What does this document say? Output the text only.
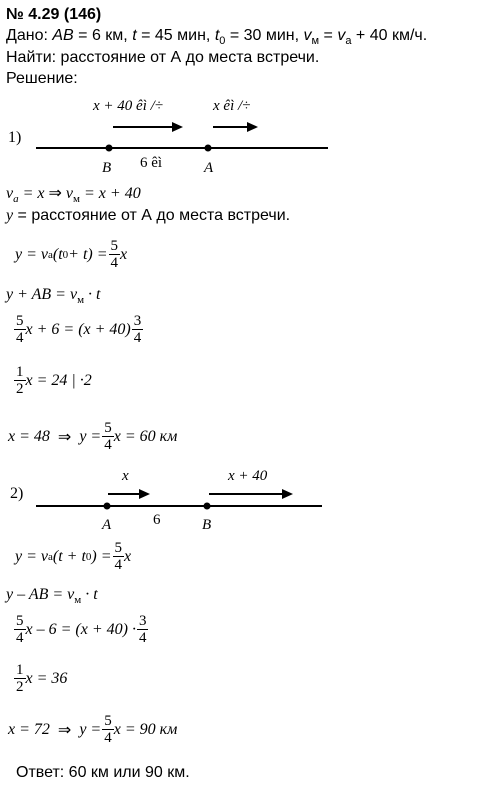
№ 4.29 (146)
Дано: AB = 6 км, t = 45 мин, $t_0 = 30$ мин, $v_м = v_а + 40$ км/ч.
Найти: расстояние от А до места встречи.
Решение:
1)
x + 40 êì /÷	x êì /÷
B 6 êì	A
$v_a = x$ ⇒ $v_м = x + 40$
y = расстояние от А до места встречи.
y = v а (t $0 + t) = \frac{5}{4}$ x
y + AB = $v_м \cdot t$
$\frac{5}{4}$ $x + 6 = (x + 40) \frac{3}{4}$
$\frac{1}{2}$ x = 24 | ·2
x = 48 ⇒ $y = \frac{5}{4}$ x = 60 км
2)
x	x + 40
A	6	B
y = v а (t + t 0 ) = $\frac{5}{4}$ x
y – AB = $v_м \cdot t$
$\frac{5}{4}$ $x - 6 = (x + 40) \cdot \frac{3}{4}$
$\frac{1}{2}$ x = 36
x = 72 ⇒ $y = \frac{5}{4}$ x = 90 км
Ответ: 60 км или 90 км.
